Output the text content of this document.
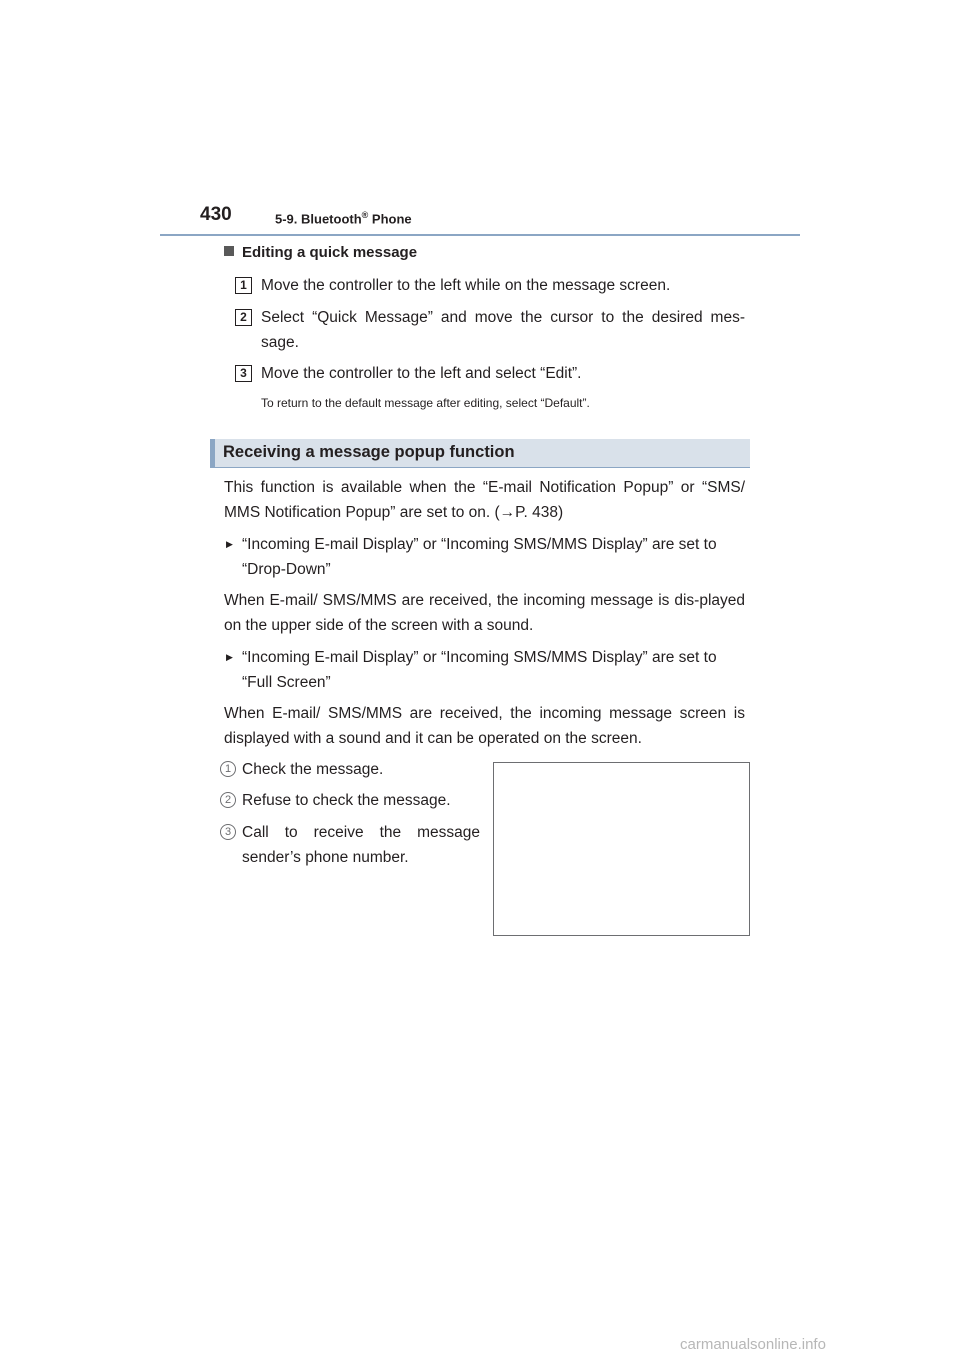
430	5-9. Bluetooth® Phone
Editing a quick message
1 Move the controller to the left while on the message screen.
2 Select “Quick Message” and move the cursor to the desired mes-sage.
3 Move the controller to the left and select “Edit”.
To return to the default message after editing, select “Default”.
Receiving a message popup function
This function is available when the “E-mail Notification Popup” or “SMS/ MMS Notification Popup” are set to on. (→P. 438)
▶ “Incoming E-mail Display” or “Incoming SMS/MMS Display” are set to “Drop-Down”
When E-mail/ SMS/MMS are received, the incoming message is dis-played on the upper side of the screen with a sound.
▶ “Incoming E-mail Display” or “Incoming SMS/MMS Display” are set to “Full Screen”
When E-mail/ SMS/MMS are received, the incoming message screen is displayed with a sound and it can be operated on the screen.
1 Check the message.
2 Refuse to check the message.
3 Call to receive the message sender’s phone number.
carmanualsonline.info
